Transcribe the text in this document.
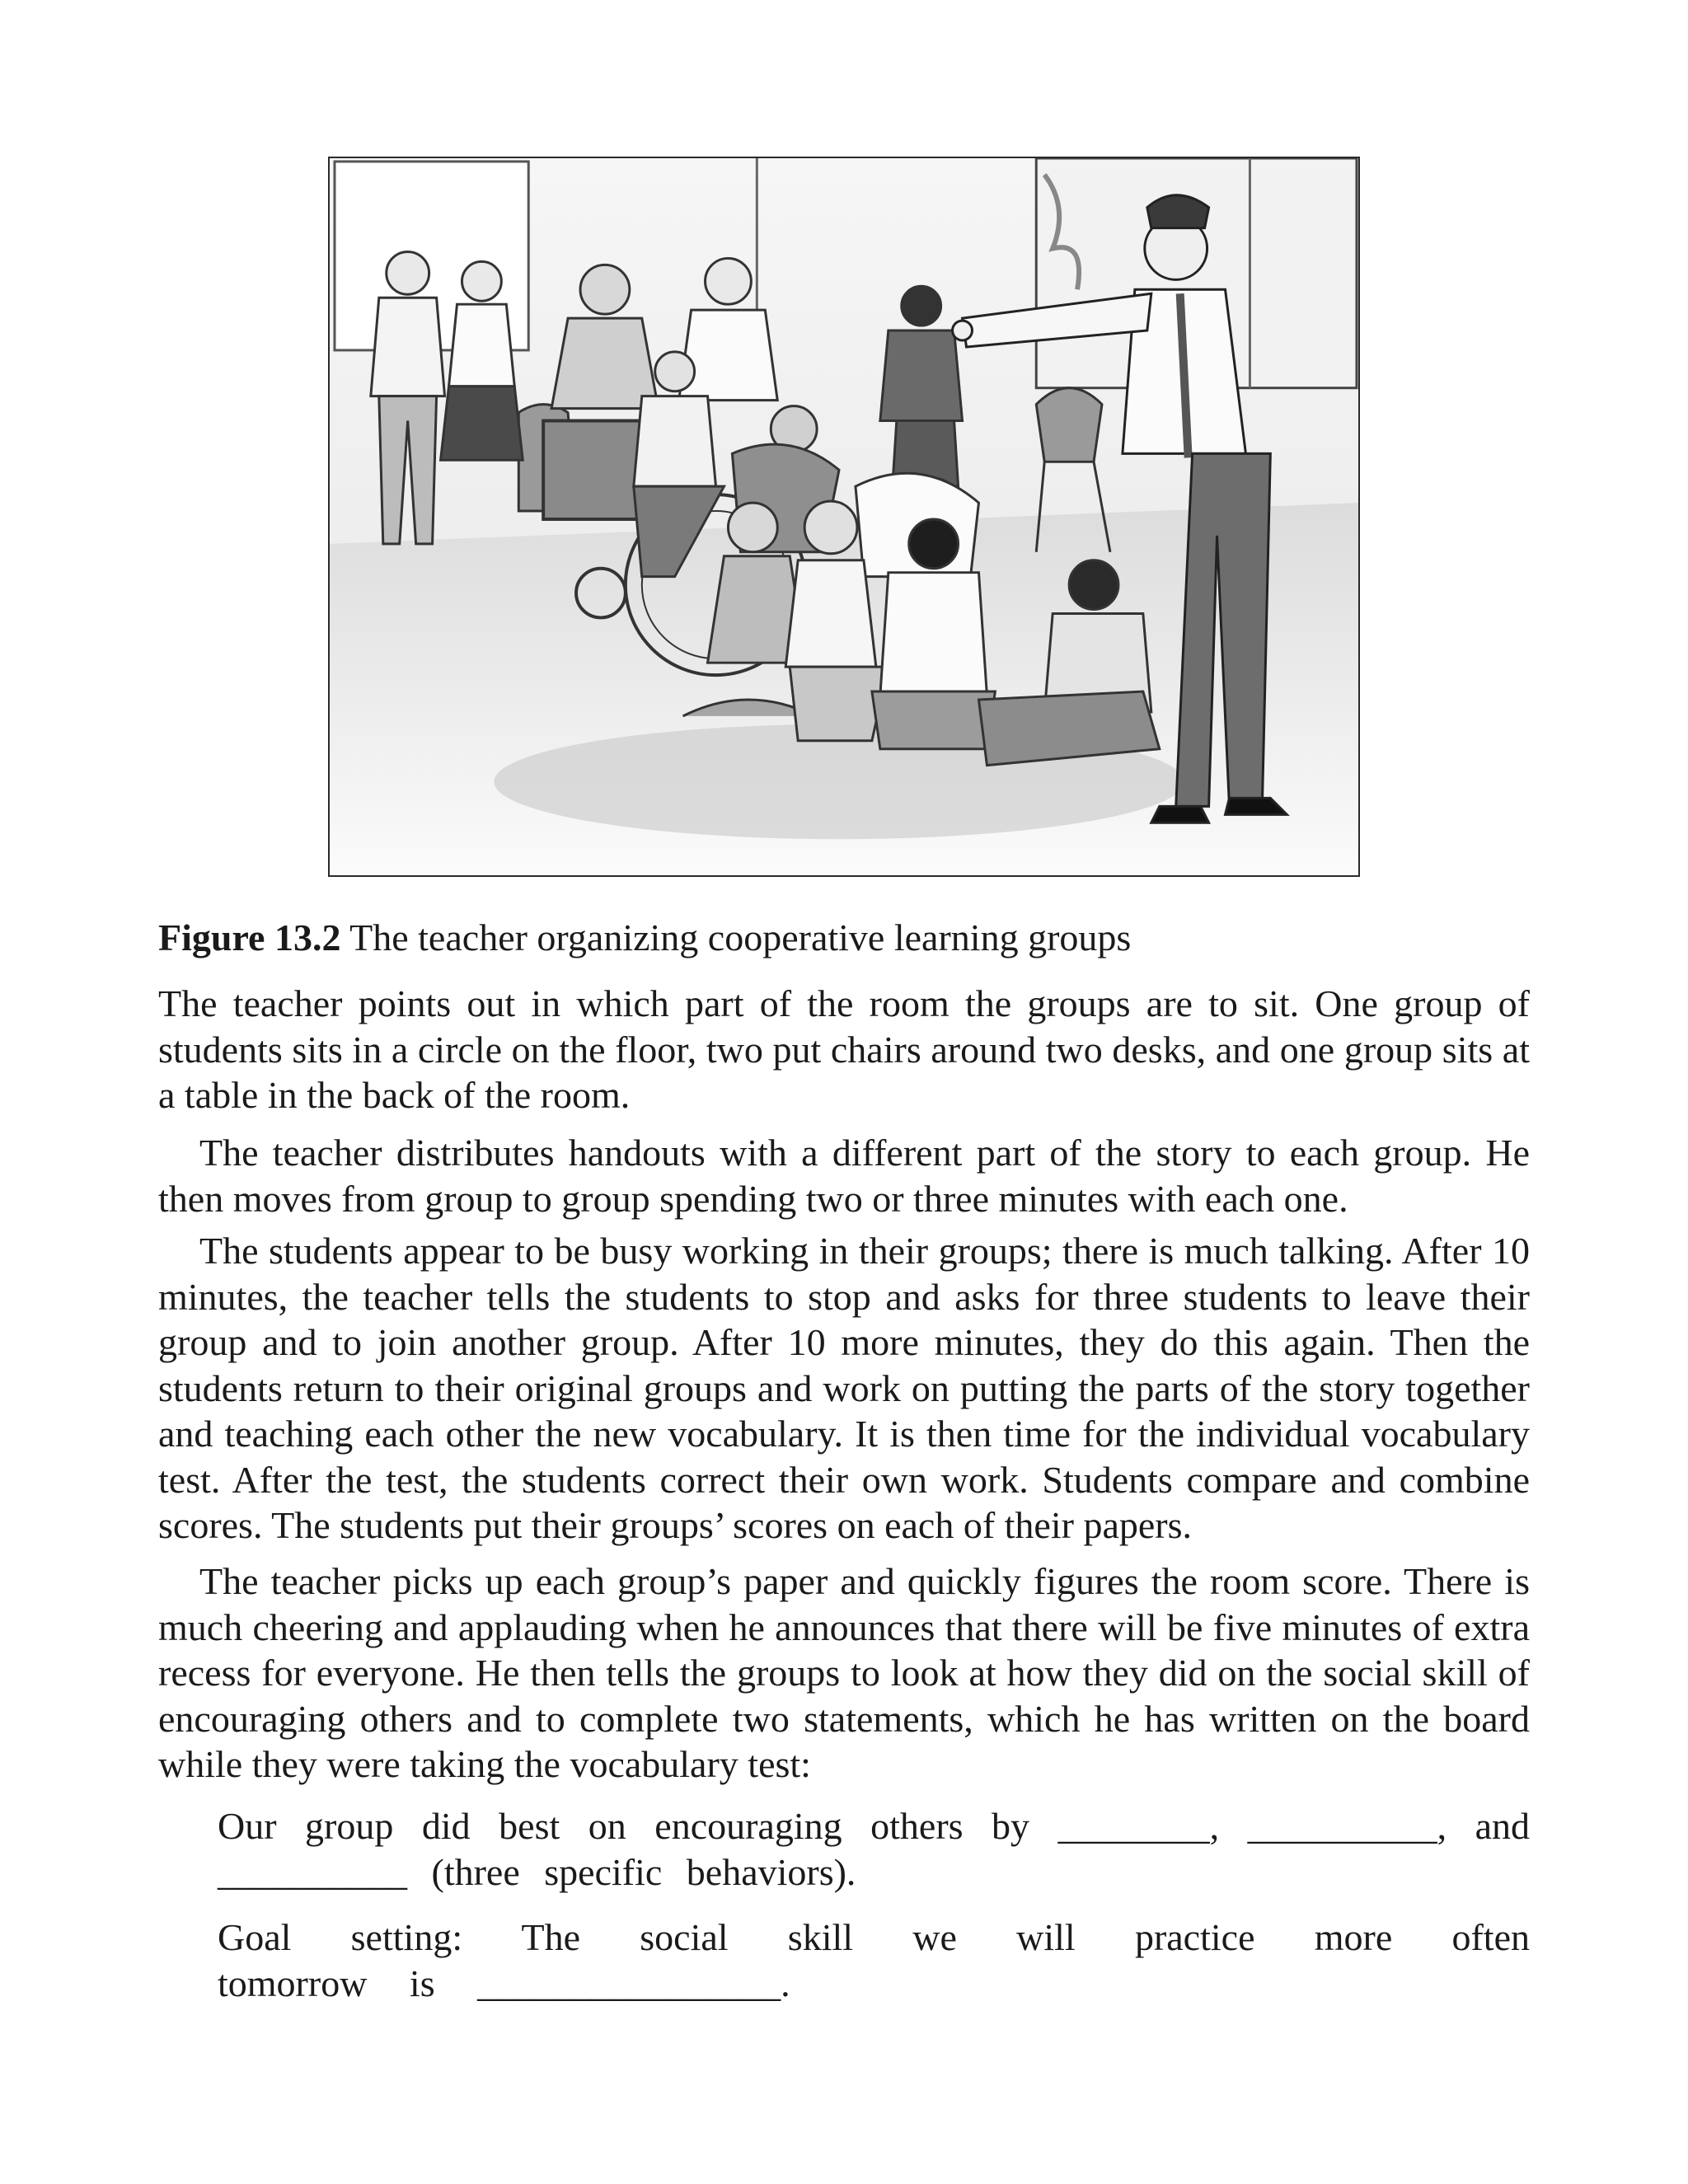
Figure 13.2 The teacher organizing cooperative learning groups

The teacher points out in which part of the room the groups are to sit. One group of students sits in a circle on the floor, two put chairs around two desks, and one group sits at a table in the back of the room.

The teacher distributes handouts with a different part of the story to each group. He then moves from group to group spending two or three minutes with each one.

The students appear to be busy working in their groups; there is much talking. After 10 minutes, the teacher tells the students to stop and asks for three students to leave their group and to join another group. After 10 more minutes, they do this again. Then the students return to their original groups and work on putting the parts of the story together and teaching each other the new vocabulary. It is then time for the individual vocabulary test. After the test, the students correct their own work. Students compare and combine scores. The students put their groups’ scores on each of their papers.

The teacher picks up each group’s paper and quickly figures the room score. There is much cheering and applauding when he announces that there will be five minutes of extra recess for everyone. He then tells the groups to look at how they did on the social skill of encouraging others and to complete two statements, which he has written on the board while they were taking the vocabulary test:

Our group did best on encouraging others by ________, __________, and __________ (three specific behaviors).

Goal setting: The social skill we will practice more often tomorrow is ________________.
